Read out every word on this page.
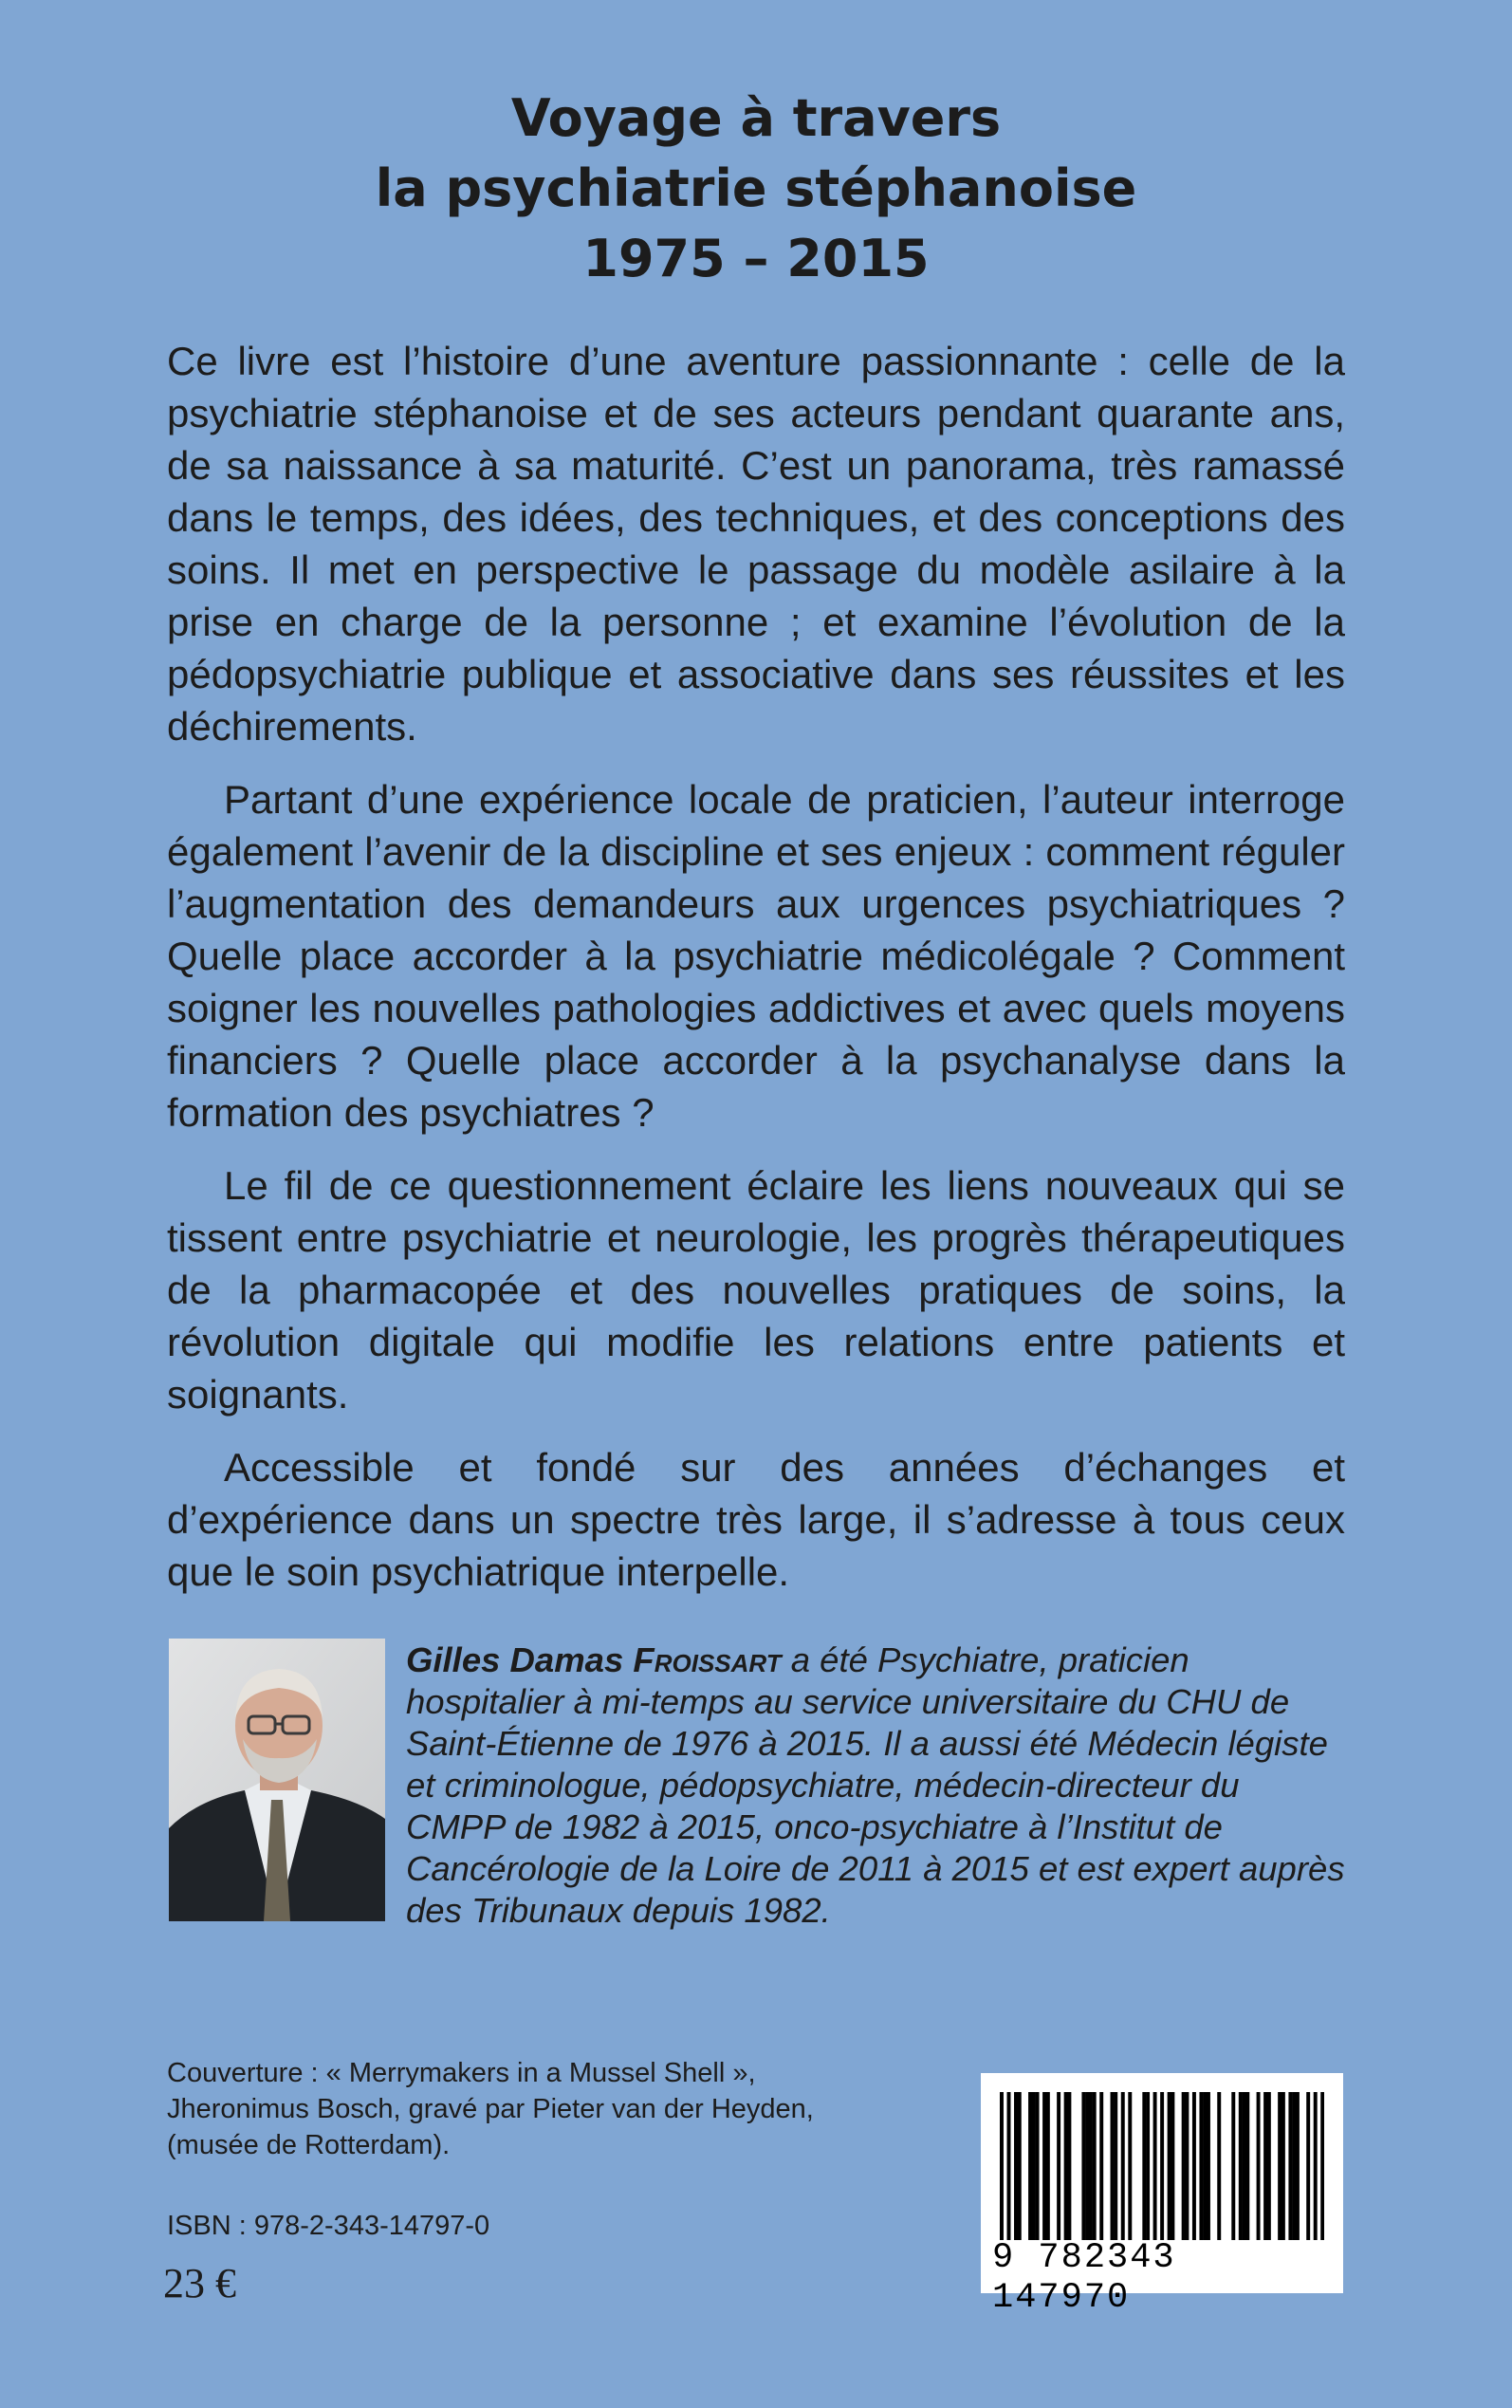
Voyage à travers
la psychiatrie stéphanoise
1975 – 2015

Ce livre est l’histoire d’une aventure passionnante : celle de la psychiatrie stéphanoise et de ses acteurs pendant quarante ans, de sa naissance à sa maturité. C’est un panorama, très ramassé dans le temps, des idées, des techniques, et des conceptions des soins. Il met en perspective le passage du modèle asilaire à la prise en charge de la personne ; et examine l’évolution de la pédopsychiatrie publique et associative dans ses réussites et les déchirements.

Partant d’une expérience locale de praticien, l’auteur interroge également l’avenir de la discipline et ses enjeux : comment réguler l’augmentation des demandeurs aux urgences psychiatriques ? Quelle place accorder à la psychiatrie médicolégale ? Comment soigner les nouvelles pathologies addictives et avec quels moyens financiers ? Quelle place accorder à la psychanalyse dans la formation des psychiatres ?

Le fil de ce questionnement éclaire les liens nouveaux qui se tissent entre psychiatrie et neurologie, les progrès thérapeutiques de la pharmacopée et des nouvelles pratiques de soins, la révolution digitale qui modifie les relations entre patients et soignants.

Accessible et fondé sur des années d’échanges et d’expérience dans un spectre très large, il s’adresse à tous ceux que le soin psychiatrique interpelle.

Gilles Damas Froissart a été Psychiatre, praticien hospitalier à mi-temps au service universitaire du CHU de Saint-Étienne de 1976 à 2015. Il a aussi été Médecin légiste et criminologue, pédopsychiatre, médecin-directeur du CMPP de 1982 à 2015, onco-psychiatre à l’Institut de Cancérologie de la Loire de 2011 à 2015 et est expert auprès des Tribunaux depuis 1982.
Couverture : « Merrymakers in a Mussel Shell »,
Jheronimus Bosch, gravé par Pieter van der Heyden,
(musée de Rotterdam).
ISBN : 978-2-343-14797-0
23 €
9 782343 147970
